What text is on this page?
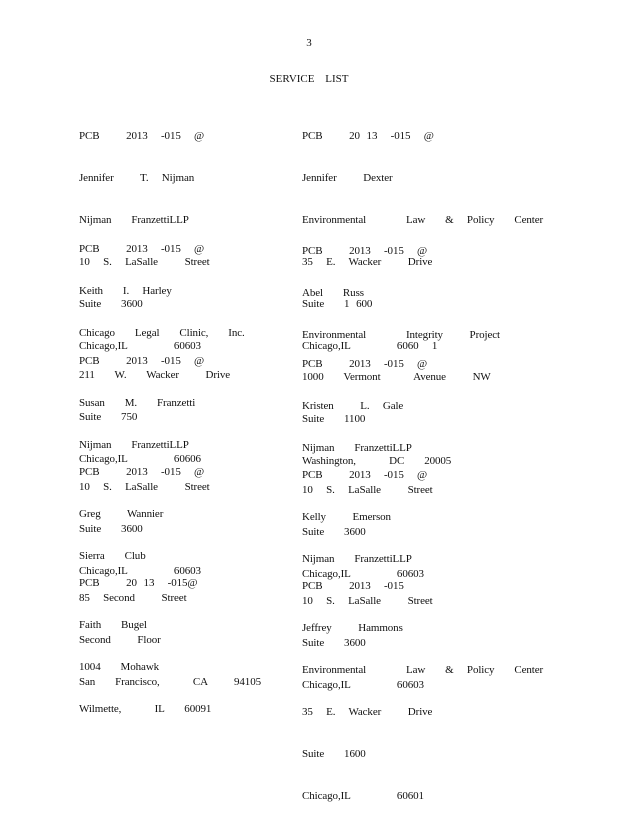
3
SERVICE LIST

PCB    2013  -015  @

Jennifer    T.  Nijman

Nijman   FranzettiLLP

10  S.  LaSalle    Street

Suite   3600

Chicago,IL       60603

PCB    2013  -015  @

Keith   I.  Harley

Chicago   Legal   Clinic,   Inc.

211   W.   Wacker    Drive

Suite   750

Chicago,IL       60606

PCB    2013  -015  @

Susan   M.   Franzetti

Nijman   FranzettiLLP

10  S.  LaSalle    Street

Suite   3600

Chicago,IL       60603

PCB    2013  -015  @

Greg    Wannier

Sierra   Club

85  Second    Street

Second    Floor

San   Francisco,     CA    94105

PCB    20 13  -015@

Faith   Bugel

1004   Mohawk

Wilmette,     IL   60091

PCB    20 13  -015  @

Jennifer    Dexter

Environmental      Law   &  Policy   Center

35  E.  Wacker    Drive

Suite   1 600

Chicago,IL       6060  1

PCB    2013  -015  @

Abel   Russ

Environmental      Integrity    Project

1000   Vermont     Avenue    NW

Suite   1100

Washington,     DC   20005

PCB    2013  -015  @

Kristen    L.  Gale

Nijman   FranzettiLLP

10  S.  LaSalle    Street

Suite   3600

Chicago,IL       60603

PCB    2013  -015  @

Kelly    Emerson

Nijman   FranzettiLLP

10  S.  LaSalle    Street

Suite   3600

Chicago,IL       60603

PCB    2013  -015

Jeffrey    Hammons

Environmental      Law   &  Policy   Center

35  E.  Wacker    Drive

Suite   1600

Chicago,IL       60601
